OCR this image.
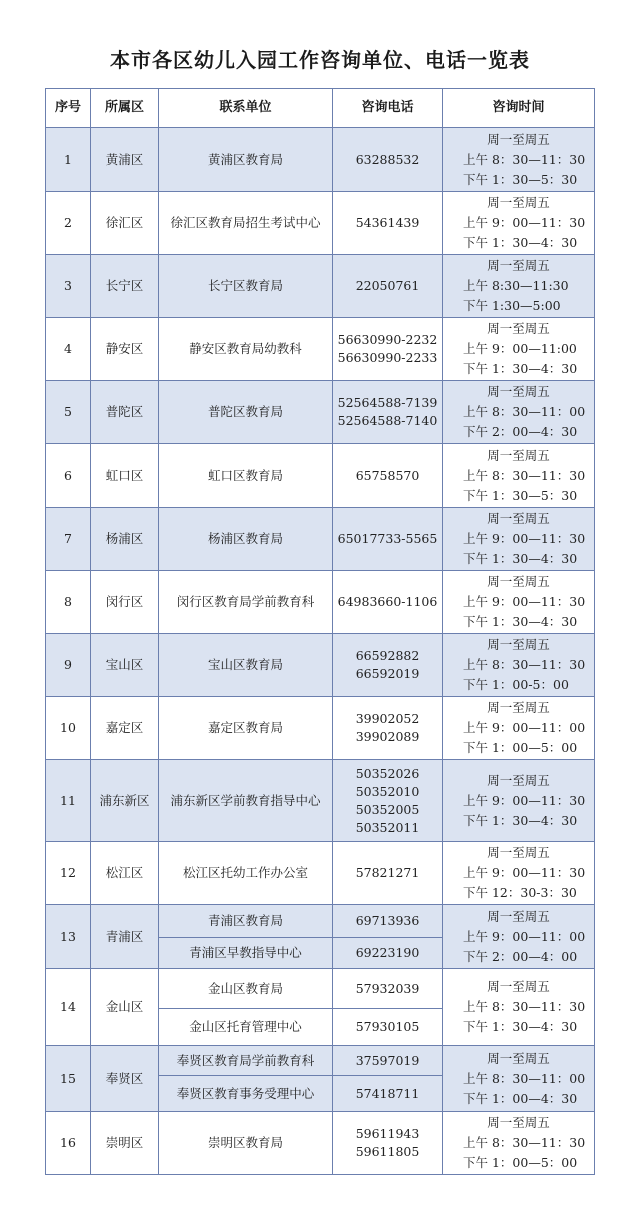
本市各区幼儿入园工作咨询单位、电话一览表
序号	所属区	联系单位	咨询电话	咨询时间
1	黄浦区	黄浦区教育局	63288532	周一至周五
上午 8：30—11：30
下午 1：30—5：30

2	徐汇区	徐汇区教育局招生考试中心	54361439	周一至周五
上午 9：00—11：30
下午 1：30—4：30

3	长宁区	长宁区教育局	22050761	周一至周五
上午 8:30—11:30
下午 1:30—5:00

4	静安区	静安区教育局幼教科	56630990-2232
56630990-2233	周一至周五
上午 9：00—11:00
下午 1：30—4：30

5	普陀区	普陀区教育局	52564588-7139
52564588-7140	周一至周五
上午 8：30—11：00
下午 2：00—4：30

6	虹口区	虹口区教育局	65758570	周一至周五
上午 8：30—11：30
下午 1：30—5：30

7	杨浦区	杨浦区教育局	65017733-5565	周一至周五
上午 9：00—11：30
下午 1：30—4：30

8	闵行区	闵行区教育局学前教育科	64983660-1106	周一至周五
上午 9：00—11：30
下午 1：30—4：30

9	宝山区	宝山区教育局	66592882
66592019	周一至周五
上午 8：30—11：30
下午 1：00-5：00

10	嘉定区	嘉定区教育局	39902052
39902089	周一至周五
上午 9：00—11：00
下午 1：00—5：00

11	浦东新区	浦东新区学前教育指导中心	50352026
50352010
50352005
50352011	周一至周五
上午 9：00—11：30
下午 1：30—4：30

12	松江区	松江区托幼工作办公室	57821271	周一至周五
上午 9：00—11：30
下午 12：30-3：30

13	青浦区	青浦区教育局	69713936	周一至周五
上午 9：00—11：00
下午 2：00—4：00

		青浦区早教指导中心	69223190	

14	金山区	金山区教育局	57932039	周一至周五
上午 8：30—11：30
下午 1：30—4：30

		金山区托育管理中心	57930105	

15	奉贤区	奉贤区教育局学前教育科	37597019	周一至周五
上午 8：30—11：00
下午 1：00—4：30

		奉贤区教育事务受理中心	57418711	

16	崇明区	崇明区教育局	59611943
59611805	周一至周五
上午 8：30—11：30
下午 1：00—5：00
